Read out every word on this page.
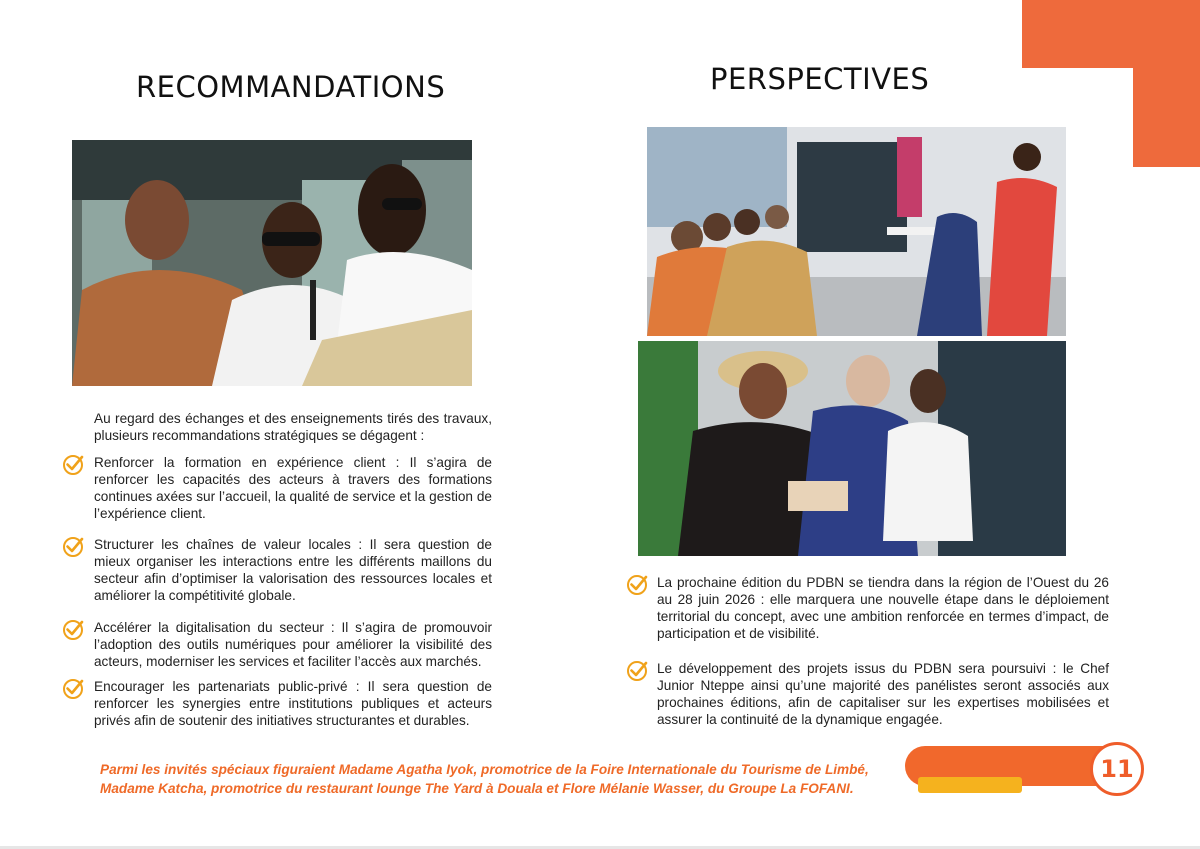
RECOMMANDATIONS	PERSPECTIVES

Au regard des échanges et des enseignements tirés des travaux, plusieurs recommandations stratégiques se dégagent :

Renforcer la formation en expérience client : Il s’agira de renforcer les capacités des acteurs à travers des formations continues axées sur l’accueil, la qualité de service et la gestion de l’expérience client.

Structurer les chaînes de valeur locales : Il sera question de mieux organiser les interactions entre les différents maillons du secteur afin d’optimiser la valorisation des ressources locales et améliorer la compétitivité globale.

Accélérer la digitalisation du secteur : Il s’agira de promouvoir l’adoption des outils numériques pour améliorer la visibilité des acteurs, moderniser les services et faciliter l’accès aux marchés.

Encourager les partenariats public-privé : Il sera question de renforcer les synergies entre institutions publiques et acteurs privés afin de soutenir des initiatives structurantes et durables.

La prochaine édition du PDBN se tiendra dans la région de l’Ouest du 26 au 28 juin 2026 : elle marquera une nouvelle étape dans le déploiement territorial du concept, avec une ambition renforcée en termes d’impact, de participation et de visibilité.

Le développement des projets issus du PDBN sera poursuivi : le Chef Junior Nteppe ainsi qu’une majorité des panélistes seront associés aux prochaines éditions, afin de capitaliser sur les expertises mobilisées et assurer la continuité de la dynamique engagée.

Parmi les invités spéciaux figuraient Madame Agatha Iyok, promotrice de la Foire Internationale du Tourisme de Limbé, Madame Katcha, promotrice du restaurant lounge The Yard à Douala et Flore Mélanie Wasser, du Groupe La FOFANI.

11
